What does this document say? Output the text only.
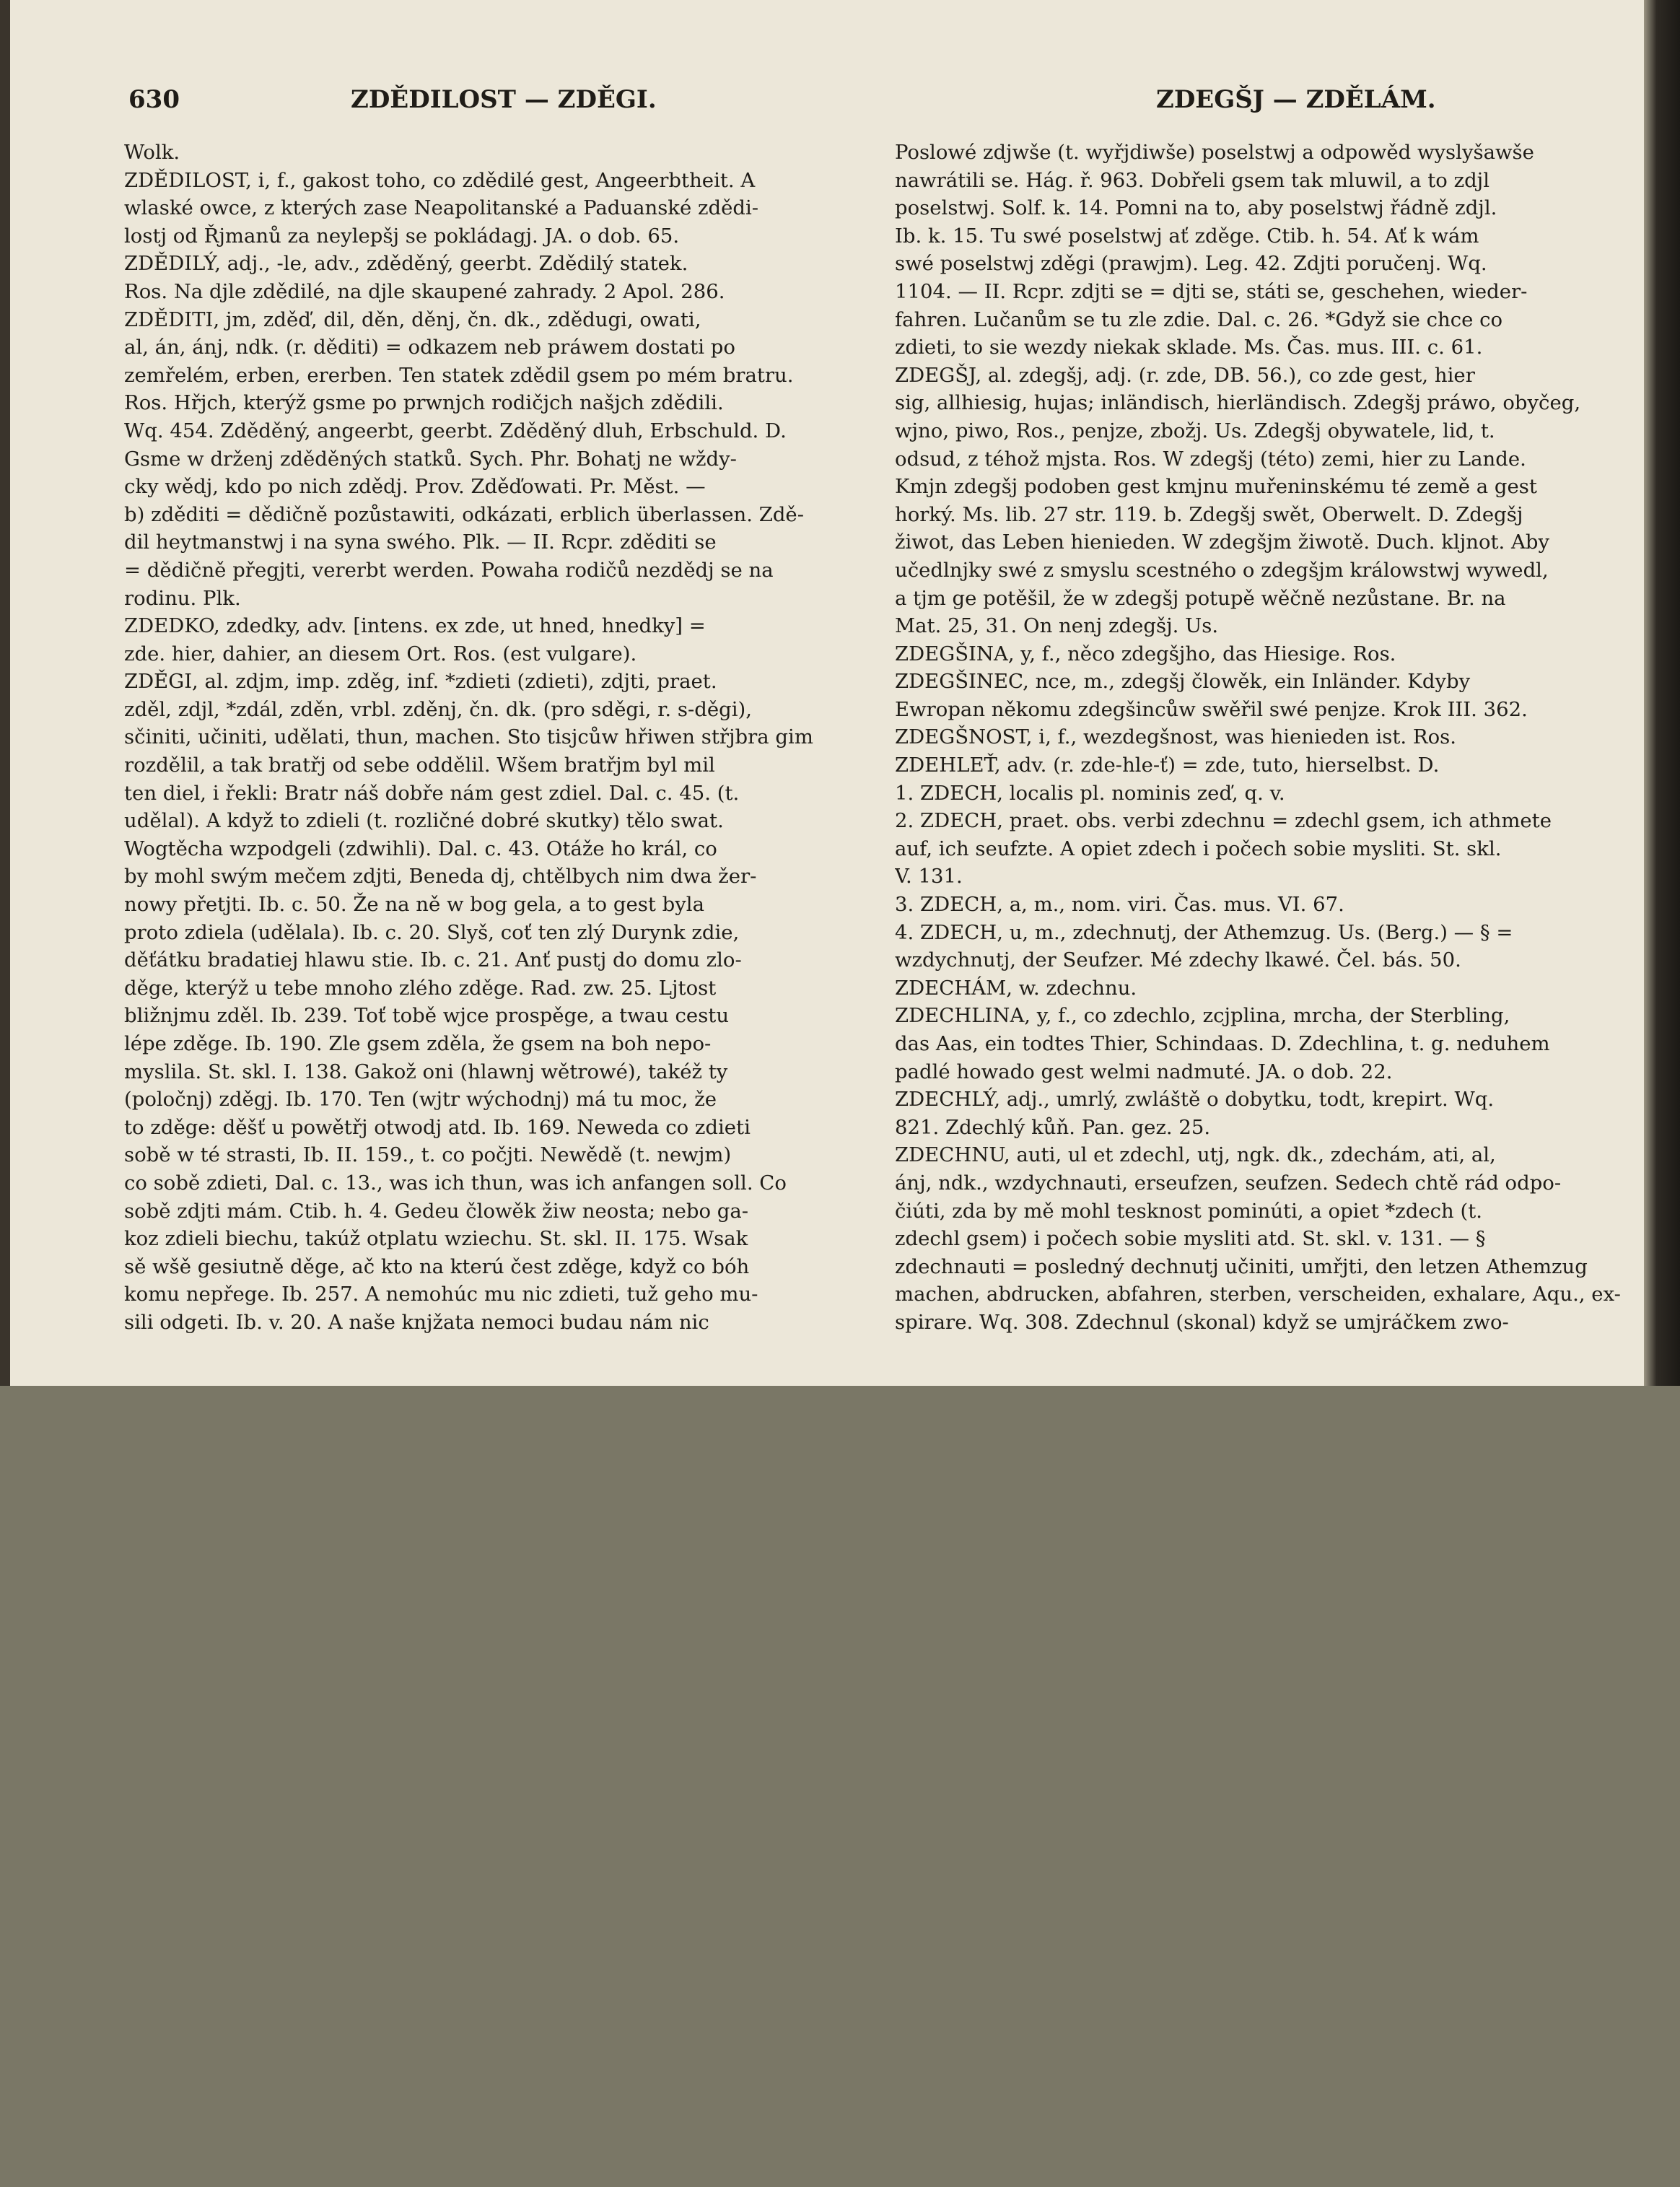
630	ZDĚDILOST — ZDĚGI.	ZDEGŠJ — ZDĚLÁM.
Wolk.
ZDĚDILOST, i, f., gakost toho, co zdědilé gest, Angeerbtheit. A
wlaské owce, z kterých zase Neapolitanské a Paduanské zdědi-
lostj od Řjmanů za neylepšj se pokládagj. JA. o dob. 65.
ZDĚDILÝ, adj., -le, adv., zděděný, geerbt. Zdědilý statek.
Ros. Na djle zdědilé, na djle skaupené zahrady. 2 Apol. 286.
ZDĚDITI, jm, zděď, dil, děn, děnj, čn. dk., zdědugi, owati,
al, án, ánj, ndk. (r. děditi) = odkazem neb práwem dostati po
zemřelém, erben, ererben. Ten statek zdědil gsem po mém bratru.
Ros. Hřjch, kterýž gsme po prwnjch rodičjch našjch zdědili.
Wq. 454. Zděděný, angeerbt, geerbt. Zděděný dluh, Erbschuld. D.
Gsme w drženj zděděných statků. Sych. Phr. Bohatj ne wždy-
cky wědj, kdo po nich zdědj. Prov. Zděďowati. Pr. Měst. —
b) zděditi = dědičně pozůstawiti, odkázati, erblich überlassen. Zdě-
dil heytmanstwj i na syna swého. Plk. — II. Rcpr. zděditi se
= dědičně přegjti, vererbt werden. Powaha rodičů nezdědj se na
rodinu. Plk.
ZDEDKO, zdedky, adv. [intens. ex zde, ut hned, hnedky] =
zde. hier, dahier, an diesem Ort. Ros. (est vulgare).
ZDĚGI, al. zdjm, imp. zděg, inf. *zdieti (zdieti), zdjti, praet.
zděl, zdjl, *zdál, zděn, vrbl. zděnj, čn. dk. (pro sděgi, r. s-děgi),
sčiniti, učiniti, udělati, thun, machen. Sto tisjcůw hřiwen střjbra gim
rozdělil, a tak bratřj od sebe oddělil. Wšem bratřjm byl mil
ten diel, i řekli: Bratr náš dobře nám gest zdiel. Dal. c. 45. (t.
udělal). A když to zdieli (t. rozličné dobré skutky) tělo swat.
Wogtěcha wzpodgeli (zdwihli). Dal. c. 43. Otáže ho král, co
by mohl swým mečem zdjti, Beneda dj, chtělbych nim dwa žer-
nowy přetjti. Ib. c. 50. Že na ně w bog gela, a to gest byla
proto zdiela (udělala). Ib. c. 20. Slyš, coť ten zlý Durynk zdie,
děťátku bradatiej hlawu stie. Ib. c. 21. Anť pustj do domu zlo-
děge, kterýž u tebe mnoho zlého zděge. Rad. zw. 25. Ljtost
bližnjmu zděl. Ib. 239. Toť tobě wjce prospěge, a twau cestu
lépe zděge. Ib. 190. Zle gsem zděla, že gsem na boh nepo-
myslila. St. skl. I. 138. Gakož oni (hlawnj wětrowé), takéž ty
(poločnj) zděgj. Ib. 170. Ten (wjtr wýchodnj) má tu moc, že
to zděge: děšť u powětřj otwodj atd. Ib. 169. Neweda co zdieti
sobě w té strasti, Ib. II. 159., t. co počjti. Newědě (t. newjm)
co sobě zdieti, Dal. c. 13., was ich thun, was ich anfangen soll. Co
sobě zdjti mám. Ctib. h. 4. Gedeu člowěk žiw neosta; nebo ga-
koz zdieli biechu, takúž otplatu wziechu. St. skl. II. 175. Wsak
sě wšě gesiutně děge, ač kto na kterú čest zděge, když co bóh
komu nepřege. Ib. 257. A nemohúc mu nic zdieti, tuž geho mu-
sili odgeti. Ib. v. 20. A naše knjžata nemoci budau nám nic
Poslowé zdjwše (t. wyřjdiwše) poselstwj a odpowěd wyslyšawše
nawrátili se. Hág. ř. 963. Dobřeli gsem tak mluwil, a to zdjl
poselstwj. Solf. k. 14. Pomni na to, aby poselstwj řádně zdjl.
Ib. k. 15. Tu swé poselstwj ať zděge. Ctib. h. 54. Ať k wám
swé poselstwj zděgi (prawjm). Leg. 42. Zdjti poručenj. Wq.
1104. — II. Rcpr. zdjti se = djti se, státi se, geschehen, wieder-
fahren. Lučanům se tu zle zdie. Dal. c. 26. *Gdyž sie chce co
zdieti, to sie wezdy niekak sklade. Ms. Čas. mus. III. c. 61.
ZDEGŠJ, al. zdegšj, adj. (r. zde, DB. 56.), co zde gest, hier
sig, allhiesig, hujas; inländisch, hierländisch. Zdegšj práwo, obyčeg,
wjno, piwo, Ros., penjze, zbožj. Us. Zdegšj obywatele, lid, t.
odsud, z téhož mjsta. Ros. W zdegšj (této) zemi, hier zu Lande.
Kmjn zdegšj podoben gest kmjnu muřeninskému té země a gest
horký. Ms. lib. 27 str. 119. b. Zdegšj swět, Oberwelt. D. Zdegšj
žiwot, das Leben hienieden. W zdegšjm žiwotě. Duch. kljnot. Aby
učedlnjky swé z smyslu scestného o zdegšjm králowstwj wywedl,
a tjm ge potěšil, že w zdegšj potupě wěčně nezůstane. Br. na
Mat. 25, 31. On nenj zdegšj. Us.
ZDEGŠINA, y, f., něco zdegšjho, das Hiesige. Ros.
ZDEGŠINEC, nce, m., zdegšj člowěk, ein Inländer. Kdyby
Ewropan někomu zdegšincůw swěřil swé penjze. Krok III. 362.
ZDEGŠNOST, i, f., wezdegšnost, was hienieden ist. Ros.
ZDEHLEŤ, adv. (r. zde-hle-ť) = zde, tuto, hierselbst. D.
1. ZDECH, localis pl. nominis zeď, q. v.
2. ZDECH, praet. obs. verbi zdechnu = zdechl gsem, ich athmete
auf, ich seufzte. A opiet zdech i počech sobie mysliti. St. skl.
V. 131.
3. ZDECH, a, m., nom. viri. Čas. mus. VI. 67.
4. ZDECH, u, m., zdechnutj, der Athemzug. Us. (Berg.) — § =
wzdychnutj, der Seufzer. Mé zdechy lkawé. Čel. bás. 50.
ZDECHÁM, w. zdechnu.
ZDECHLINA, y, f., co zdechlo, zcjplina, mrcha, der Sterbling,
das Aas, ein todtes Thier, Schindaas. D. Zdechlina, t. g. neduhem
padlé howado gest welmi nadmuté. JA. o dob. 22.
ZDECHLÝ, adj., umrlý, zwláště o dobytku, todt, krepirt. Wq.
821. Zdechlý kůň. Pan. gez. 25.
ZDECHNU, auti, ul et zdechl, utj, ngk. dk., zdechám, ati, al,
ánj, ndk., wzdychnauti, erseufzen, seufzen. Sedech chtě rád odpo-
čiúti, zda by mě mohl tesknost pominúti, a opiet *zdech (t.
zdechl gsem) i počech sobie mysliti atd. St. skl. v. 131. — §
zdechnauti = posledný dechnutj učiniti, umřjti, den letzen Athemzug
machen, abdrucken, abfahren, sterben, verscheiden, exhalare, Aqu., ex-
spirare. Wq. 308. Zdechnul (skonal) když se umjráčkem zwo-
